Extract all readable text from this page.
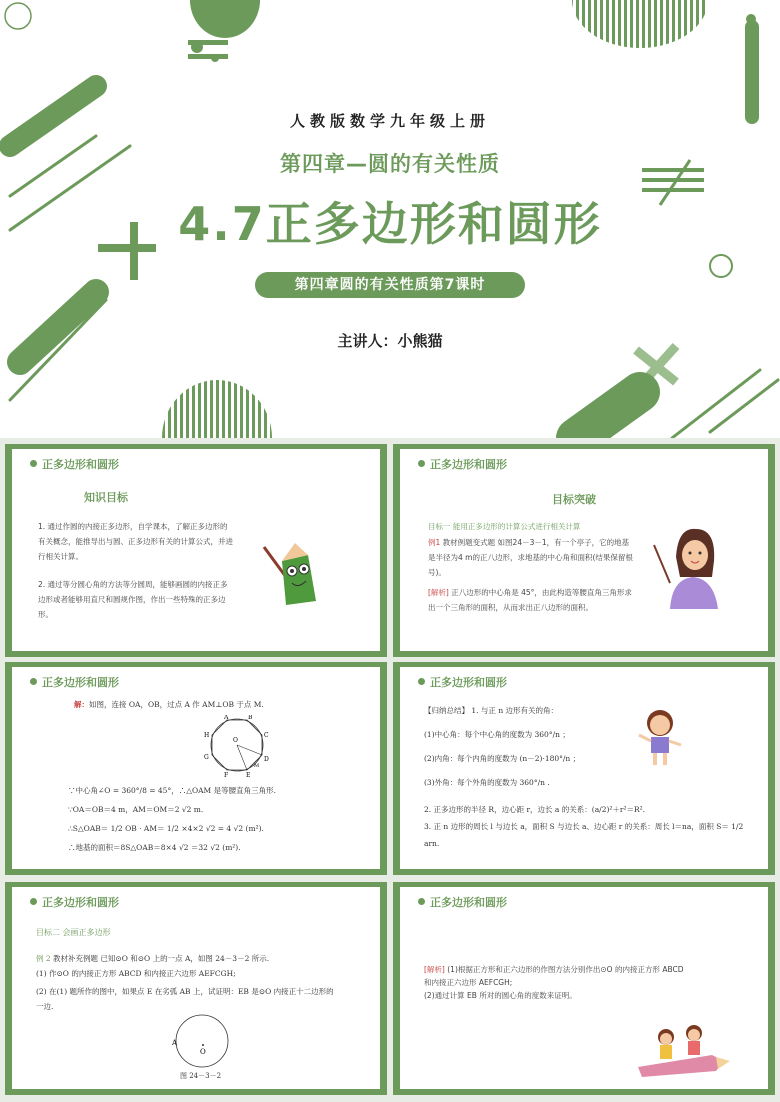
人教版数学九年级上册
第四章—圆的有关性质
4.7正多边形和圆形
第四章圆的有关性质第7课时
主讲人：小熊猫
正多边形和圆形
知识目标
1. 通过作圆的内接正多边形，自学课本，了解正多边形的有关概念，能推导出与圆、正多边形有关的计算公式，并进行相关计算。
2. 通过等分圆心角的方法等分圆周，能够画圆的内接正多边形或者能够用直尺和圆规作图，作出一些特殊的正多边形。
正多边形和圆形
目标突破
目标一 能用正多边形的计算公式进行相关计算
例1 教材例题变式题 如图24－3－1，有一个亭子，它的地基是半径为4 m的正八边形，求地基的中心角和面积(结果保留根号)。
[解析] 正八边形的中心角是 45°，由此构造等腰直角三角形求出一个三角形的面积，从而求出正八边形的面积。
正多边形和圆形
解：如图，连接 OA，OB，过点 A 作 AM⊥OB 于点 M.
O
H
G
F	E
D
C
B
A
M
∵中心角∠O = 360°/8 = 45°，∴△OAM 是等腰直角三角形.
∵OA＝OB＝4 m，AM＝OM＝2 √2 m.
∴S△OAB＝ 1/2 OB · AM＝ 1/2 ×4×2 √2 = 4 √2 (m²).
∴地基的面积＝8S△OAB＝8×4 √2 ＝32 √2 (m²).
正多边形和圆形
【归纳总结】 1. 与正 n 边形有关的角：
(1)中心角：每个中心角的度数为 360°/n ；
(2)内角：每个内角的度数为 (n－2)·180°/n ；
(3)外角：每个外角的度数为 360°/n .
2. 正多边形的半径 R，边心距 r，边长 a 的关系：(a/2)²＋r²＝R².
3. 正 n 边形的周长 l 与边长 a，面积 S 与边长 a、边心距 r 的关系：周长 l＝na，面积 S＝ 1/2 arn.
正多边形和圆形
目标二 会画正多边形
例 2 教材补充例题 已知⊙O 和⊙O 上的一点 A，如图 24－3－2 所示.
(1) 作⊙O 的内接正方形 ABCD 和内接正六边形 AEFCGH;
(2) 在(1) 题所作的图中，如果点 E 在劣弧 AB 上，试证明：EB 是⊙O 内接正十二边形的一边.
O
A
图 24－3－2
正多边形和圆形
[解析] (1)根据正方形和正六边形的作图方法分别作出⊙O 的内接正方形 ABCD 和内接正六边形 AEFCGH;
(2)通过计算 EB 所对的圆心角的度数来证明。
